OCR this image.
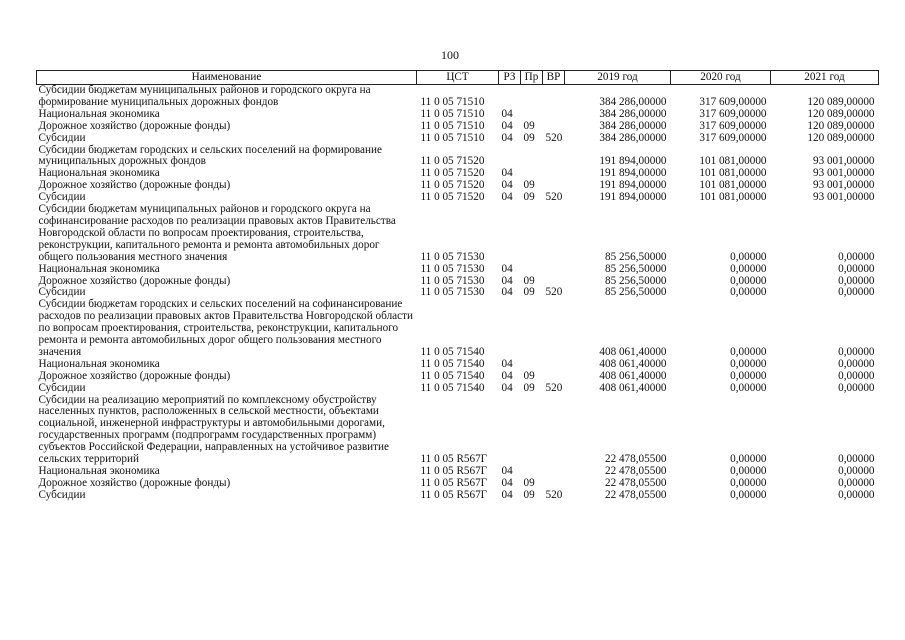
100
Наименование	ЦСТ	РЗ	Пр	ВР	2019 год	2020 год	2021 год
Субсидии бюджетам муниципальных районов и городского округа на формирование муниципальных дорожных фондов	11 0 05 71510				384 286,00000	317 609,00000	120 089,00000
Национальная экономика	11 0 05 71510	04			384 286,00000	317 609,00000	120 089,00000
Дорожное хозяйство (дорожные фонды)	11 0 05 71510	04	09		384 286,00000	317 609,00000	120 089,00000
Субсидии	11 0 05 71510	04	09	520	384 286,00000	317 609,00000	120 089,00000
Субсидии бюджетам городских и сельских поселений на формирование муниципальных дорожных фондов	11 0 05 71520				191 894,00000	101 081,00000	93 001,00000
Национальная экономика	11 0 05 71520	04			191 894,00000	101 081,00000	93 001,00000
Дорожное хозяйство (дорожные фонды)	11 0 05 71520	04	09		191 894,00000	101 081,00000	93 001,00000
Субсидии	11 0 05 71520	04	09	520	191 894,00000	101 081,00000	93 001,00000
Субсидии бюджетам муниципальных районов и городского округа на софинансирование расходов по реализации правовых актов Правительства Новгородской области по вопросам проектирования, строительства, реконструкции, капитального ремонта и ремонта автомобильных дорог общего пользования местного значения	11 0 05 71530				85 256,50000	0,00000	0,00000
Национальная экономика	11 0 05 71530	04			85 256,50000	0,00000	0,00000
Дорожное хозяйство (дорожные фонды)	11 0 05 71530	04	09		85 256,50000	0,00000	0,00000
Субсидии	11 0 05 71530	04	09	520	85 256,50000	0,00000	0,00000
Субсидии бюджетам городских и сельских поселений на софинансирование расходов по реализации правовых актов Правительства Новгородской области по вопросам проектирования, строительства, реконструкции, капитального ремонта и ремонта автомобильных дорог общего пользования местного значения	11 0 05 71540				408 061,40000	0,00000	0,00000
Национальная экономика	11 0 05 71540	04			408 061,40000	0,00000	0,00000
Дорожное хозяйство (дорожные фонды)	11 0 05 71540	04	09		408 061,40000	0,00000	0,00000
Субсидии	11 0 05 71540	04	09	520	408 061,40000	0,00000	0,00000
Субсидии на реализацию мероприятий по комплексному обустройству населенных пунктов, расположенных в сельской местности, объектами социальной, инженерной инфраструктуры и автомобильными дорогами, государственных программ (подпрограмм государственных программ) субъектов Российской Федерации, направленных на устойчивое развитие сельских территорий	11 0 05 R567Г				22 478,05500	0,00000	0,00000
Национальная экономика	11 0 05 R567Г	04			22 478,05500	0,00000	0,00000
Дорожное хозяйство (дорожные фонды)	11 0 05 R567Г	04	09		22 478,05500	0,00000	0,00000
Субсидии	11 0 05 R567Г	04	09	520	22 478,05500	0,00000	0,00000
